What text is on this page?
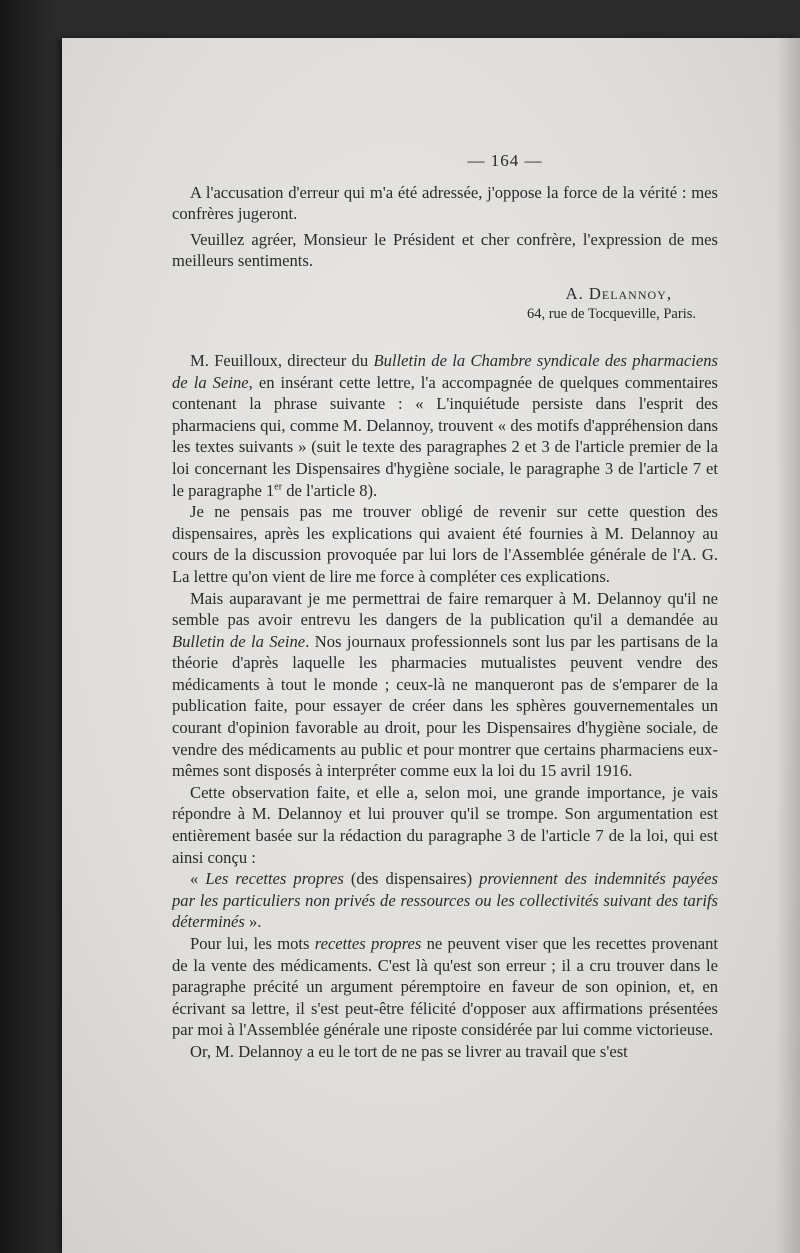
— 164 —

A l'accusation d'erreur qui m'a été adressée, j'oppose la force de la vérité : mes confrères jugeront.

Veuillez agréer, Monsieur le Président et cher confrère, l'expression de mes meilleurs sentiments.

A. Delannoy,
64, rue de Tocqueville, Paris.

M. Feuilloux, directeur du Bulletin de la Chambre syndicale des pharmaciens de la Seine, en insérant cette lettre, l'a accompagnée de quelques commentaires contenant la phrase suivante : « L'inquiétude persiste dans l'esprit des pharmaciens qui, comme M. Delannoy, trouvent « des motifs d'appréhension dans les textes suivants » (suit le texte des paragraphes 2 et 3 de l'article premier de la loi concernant les Dispensaires d'hygiène sociale, le paragraphe 3 de l'article 7 et le paragraphe 1er de l'article 8).

Je ne pensais pas me trouver obligé de revenir sur cette question des dispensaires, après les explications qui avaient été fournies à M. Delannoy au cours de la discussion provoquée par lui lors de l'Assemblée générale de l'A. G. La lettre qu'on vient de lire me force à compléter ces explications.

Mais auparavant je me permettrai de faire remarquer à M. Delannoy qu'il ne semble pas avoir entrevu les dangers de la publication qu'il a demandée au Bulletin de la Seine. Nos journaux professionnels sont lus par les partisans de la théorie d'après laquelle les pharmacies mutualistes peuvent vendre des médicaments à tout le monde ; ceux-là ne manqueront pas de s'emparer de la publication faite, pour essayer de créer dans les sphères gouvernementales un courant d'opinion favorable au droit, pour les Dispensaires d'hygiène sociale, de vendre des médicaments au public et pour montrer que certains pharmaciens eux-mêmes sont disposés à interpréter comme eux la loi du 15 avril 1916.

Cette observation faite, et elle a, selon moi, une grande importance, je vais répondre à M. Delannoy et lui prouver qu'il se trompe. Son argumentation est entièrement basée sur la rédaction du paragraphe 3 de l'article 7 de la loi, qui est ainsi conçu :

« Les recettes propres (des dispensaires) proviennent des indemnités payées par les particuliers non privés de ressources ou les collectivités suivant des tarifs déterminés ».

Pour lui, les mots recettes propres ne peuvent viser que les recettes provenant de la vente des médicaments. C'est là qu'est son erreur ; il a cru trouver dans le paragraphe précité un argument péremptoire en faveur de son opinion, et, en écrivant sa lettre, il s'est peut-être félicité d'opposer aux affirmations présentées par moi à l'Assemblée générale une riposte considérée par lui comme victorieuse.

Or, M. Delannoy a eu le tort de ne pas se livrer au travail que s'est
